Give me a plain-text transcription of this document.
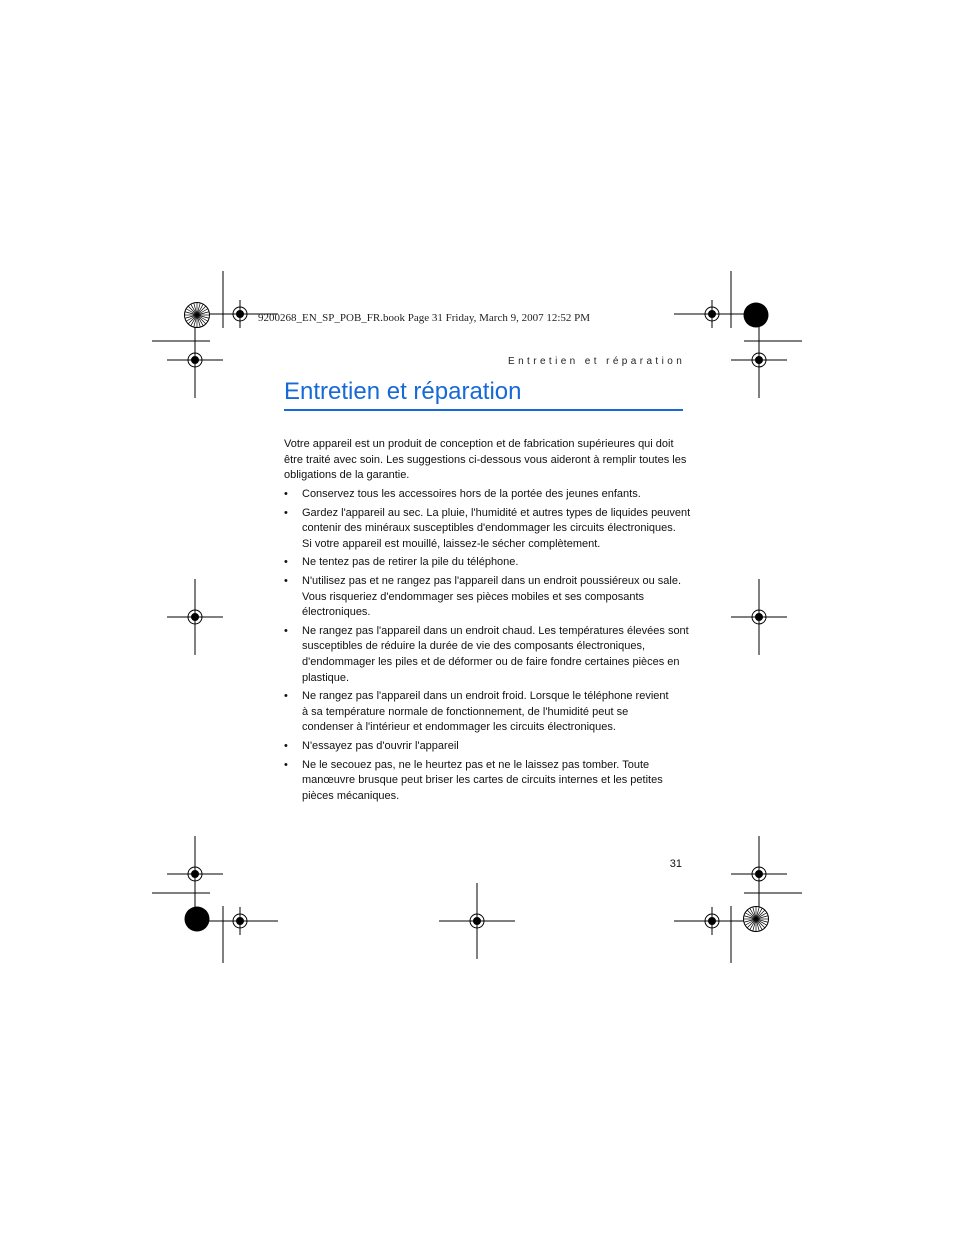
9200268_EN_SP_POB_FR.book Page 31 Friday, March 9, 2007 12:52 PM
Entretien et réparation
Entretien et réparation
Votre appareil est un produit de conception et de fabrication supérieures qui doit
être traité avec soin. Les suggestions ci-dessous vous aideront à remplir toutes les
obligations de la garantie.
• Conservez tous les accessoires hors de la portée des jeunes enfants.
• Gardez l'appareil au sec. La pluie, l'humidité et autres types de liquides peuvent
contenir des minéraux susceptibles d'endommager les circuits électroniques.
Si votre appareil est mouillé, laissez-le sécher complètement.
• Ne tentez pas de retirer la pile du téléphone.
• N'utilisez pas et ne rangez pas l'appareil dans un endroit poussiéreux ou sale.
Vous risqueriez d'endommager ses pièces mobiles et ses composants
électroniques.
• Ne rangez pas l'appareil dans un endroit chaud. Les températures élevées sont
susceptibles de réduire la durée de vie des composants électroniques,
d'endommager les piles et de déformer ou de faire fondre certaines pièces en
plastique.
• Ne rangez pas l'appareil dans un endroit froid. Lorsque le téléphone revient
à sa température normale de fonctionnement, de l'humidité peut se
condenser à l'intérieur et endommager les circuits électroniques.
• N'essayez pas d'ouvrir l'appareil
• Ne le secouez pas, ne le heurtez pas et ne le laissez pas tomber. Toute
manœuvre brusque peut briser les cartes de circuits internes et les petites
pièces mécaniques.
31
